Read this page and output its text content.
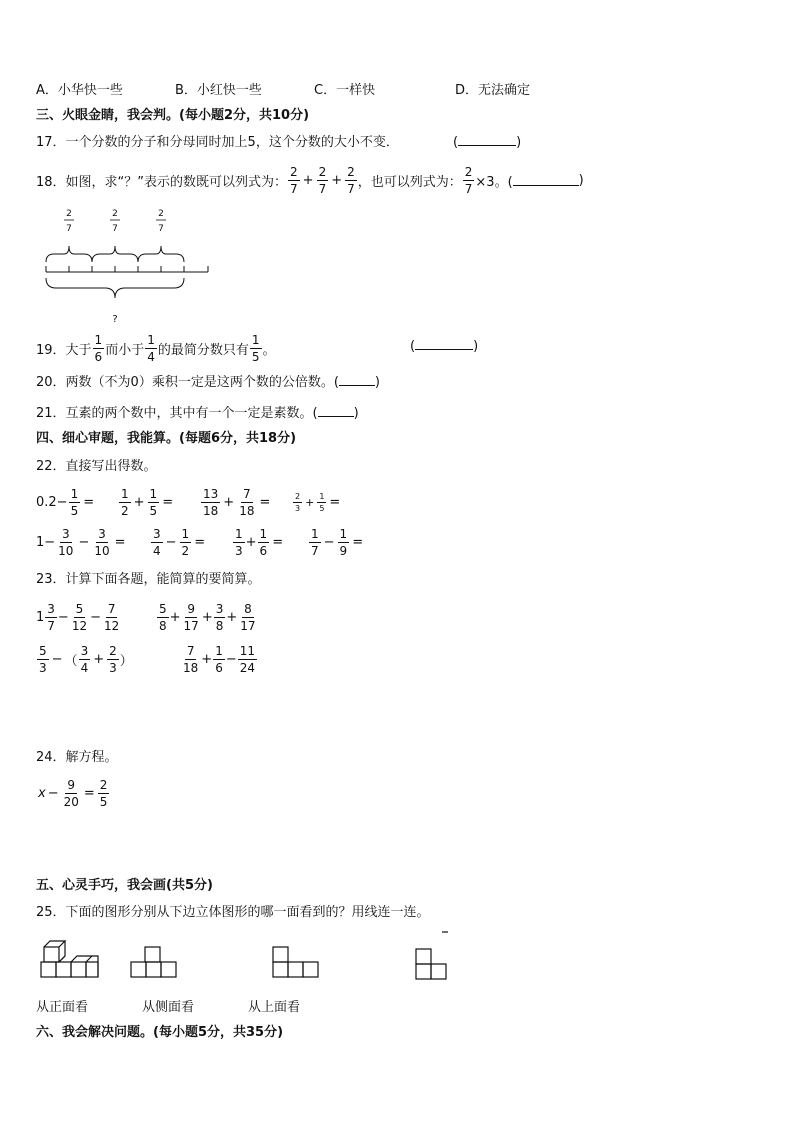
A．小华快一些	B．小红快一些	C．一样快	D．无法确定
三、火眼金睛，我会判。(每小题2分，共10分)
17．一个分数的分子和分母同时加上5，这个分数的大小不变．	(	)
18．如图，求“？”表示的数既可以列式为： $\frac{2}{7} + \frac{2}{7} + \frac{2}{7}$ ，也可以列式为： $\frac{2}{7} \times 3$。(	)
2
7
2
7
2
7
?
19．大于 $\frac{1}{6}$ 而小于 $\frac{1}{4}$ 的最简分数只有 $\frac{1}{5}$ 。	(	)
20．两数（不为0）乘积一定是这两个数的公倍数。(	)
21．互素的两个数中，其中有一个一定是素数。(	)
四、细心审题，我能算。(每题6分，共18分)
22．直接写出得数。
$0.2- \frac{1}{5} = \frac{1}{2} + \frac{1}{5} = \frac{13}{18} + \frac{7}{18}$ =	$\frac{2}{3} + \frac{1}{5}$ =
$1- \frac{3}{10} - \frac{3}{10} = \frac{3}{4} - \frac{1}{2} = \frac{1}{3} + \frac{1}{6} = \frac{1}{7} - \frac{1}{9}$ =
23．计算下面各题，能简算的要简算。
$1 \frac{3}{7} - \frac{5}{12} - \frac{7}{12}$	$\frac{5}{8} + \frac{9}{17} + \frac{3}{8} + \frac{8}{17}$
$\frac{5}{3}$ − （ $\frac{3}{4} + \frac{2}{3}$ ）	$\frac{7}{18} + \frac{1}{6} - \frac{11}{24}$
24．解方程。
$x - \frac{9}{20} = \frac{2}{5}$
五、心灵手巧，我会画(共5分)
25．下面的图形分别从下边立体图形的哪一面看到的？用线连一连。
从正面看	从侧面看	从上面看
六、我会解决问题。(每小题5分，共35分)
